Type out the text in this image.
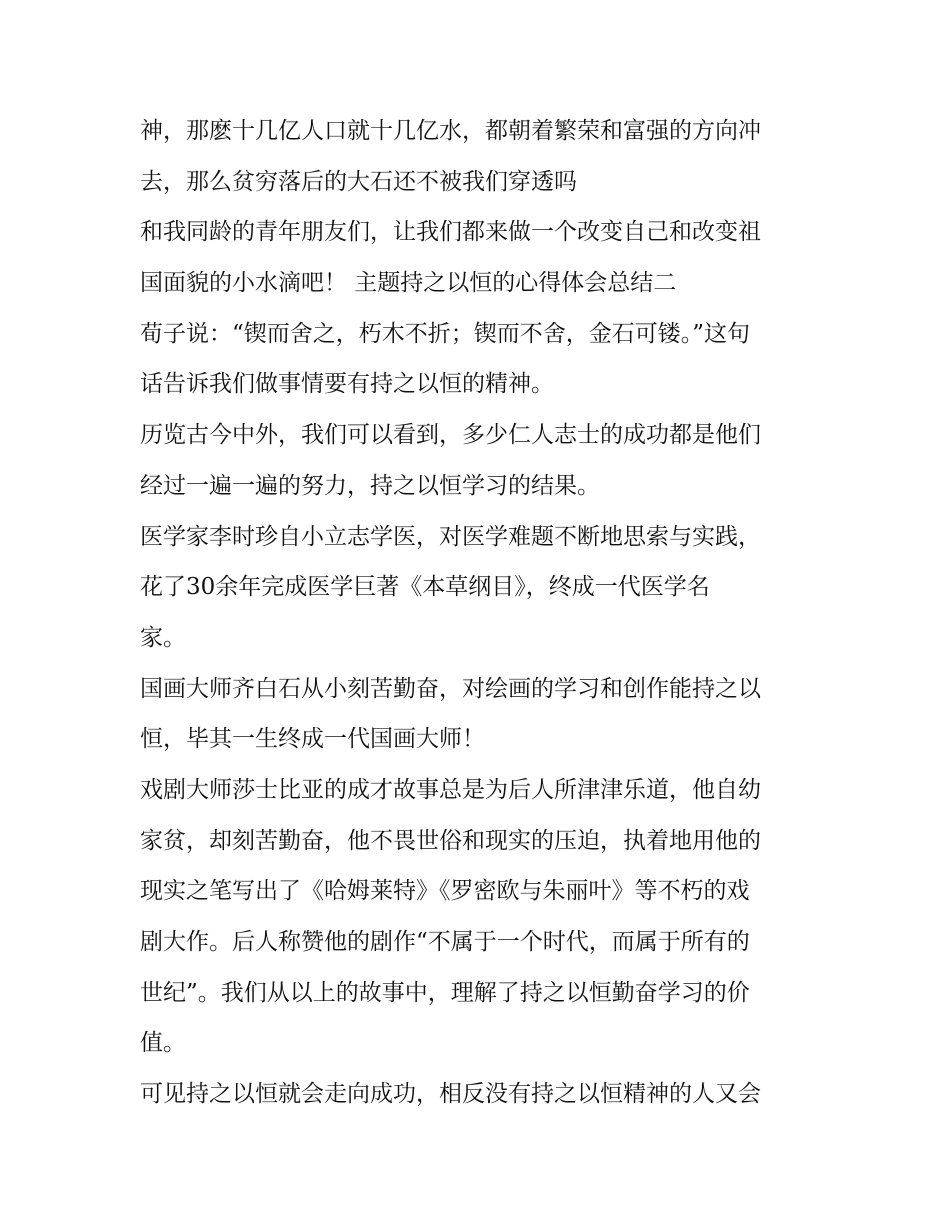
神，那麽十几亿人口就十几亿水，都朝着繁荣和富强的方向冲
去，那么贫穷落后的大石还不被我们穿透吗
和我同龄的青年朋友们，让我们都来做一个改变自己和改变祖
国面貌的小水滴吧！ 主题持之以恒的心得体会总结二
荀子说：“锲而舍之，朽木不折；锲而不舍，金石可镂。”这句
话告诉我们做事情要有持之以恒的精神。
历览古今中外，我们可以看到，多少仁人志士的成功都是他们
经过一遍一遍的努力，持之以恒学习的结果。
医学家李时珍自小立志学医，对医学难题不断地思索与实践，
花了30余年完成医学巨著《本草纲目》，终成一代医学名
家。
国画大师齐白石从小刻苦勤奋，对绘画的学习和创作能持之以
恒，毕其一生终成一代国画大师！
戏剧大师莎士比亚的成才故事总是为后人所津津乐道，他自幼
家贫，却刻苦勤奋，他不畏世俗和现实的压迫，执着地用他的
现实之笔写出了《哈姆莱特》《罗密欧与朱丽叶》等不朽的戏
剧大作。后人称赞他的剧作“不属于一个时代，而属于所有的
世纪”。我们从以上的故事中，理解了持之以恒勤奋学习的价
值。
可见持之以恒就会走向成功，相反没有持之以恒精神的人又会
